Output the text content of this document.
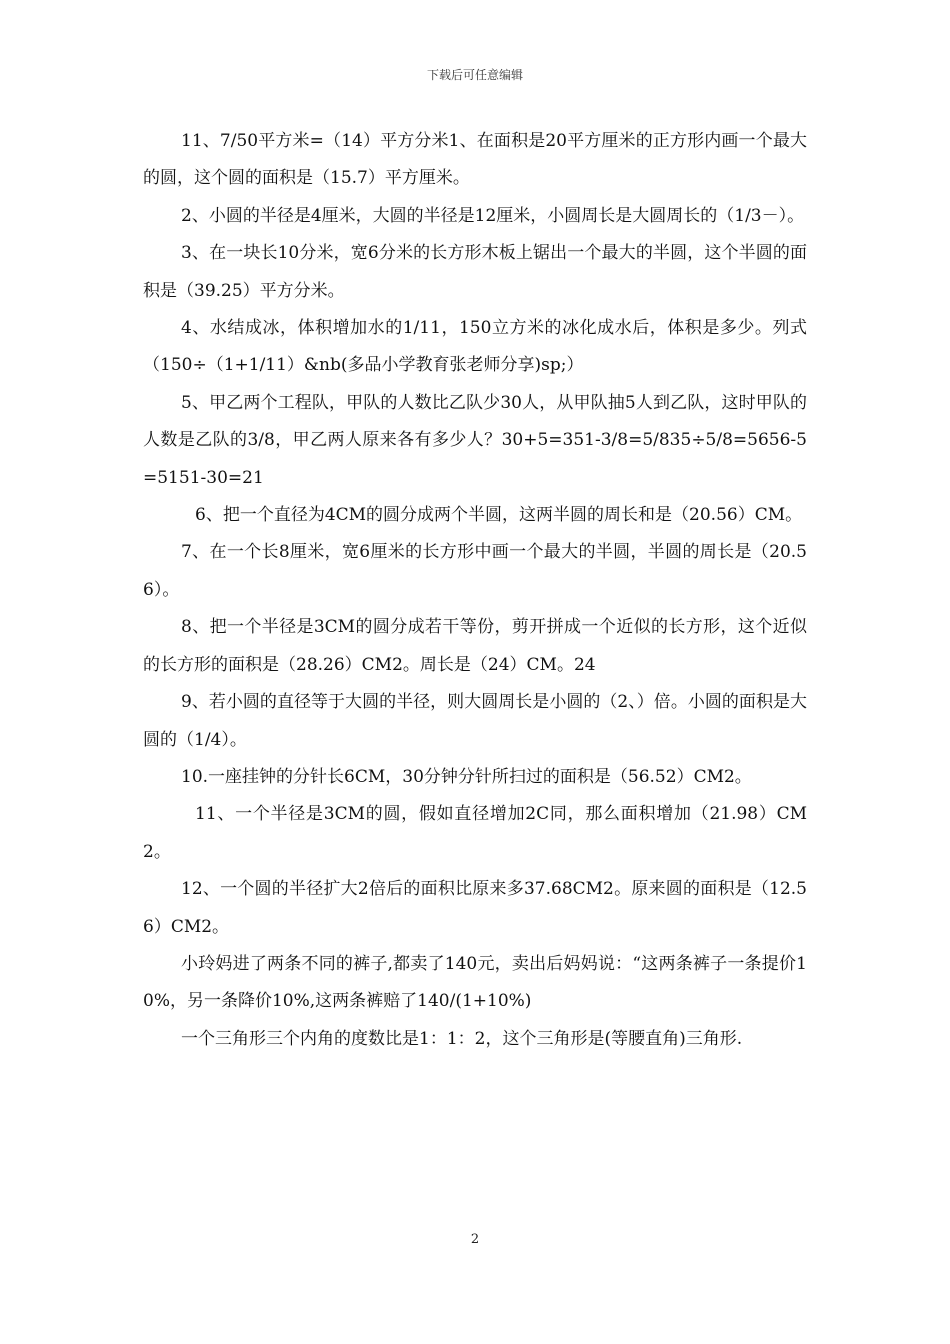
下载后可任意编辑

11、7/50平方米=（14）平方分米1、在面积是20平方厘米的正方形内画一个最大的圆，这个圆的面积是（15.7）平方厘米。

2、小圆的半径是4厘米，大圆的半径是12厘米，小圆周长是大圆周长的（1/3－）。

3、在一块长10分米，宽6分米的长方形木板上锯出一个最大的半圆，这个半圆的面积是（39.25）平方分米。

4、水结成冰，体积增加水的1/11，150立方米的冰化成水后，体积是多少。列式（150÷（1+1/11）&nb(多品小学教育张老师分享)sp;）

5、甲乙两个工程队，甲队的人数比乙队少30人，从甲队抽5人到乙队，这时甲队的人数是乙队的3/8，甲乙两人原来各有多少人？30+5=351-3/8=5/835÷5/8=5656-5=5151-30=21

6、把一个直径为4CM的圆分成两个半圆，这两半圆的周长和是（20.56）CM。

7、在一个长8厘米，宽6厘米的长方形中画一个最大的半圆，半圆的周长是（20.56）。

8、把一个半径是3CM的圆分成若干等份，剪开拼成一个近似的长方形，这个近似的长方形的面积是（28.26）CM2。周长是（24）CM。24

9、若小圆的直径等于大圆的半径，则大圆周长是小圆的（2、）倍。小圆的面积是大圆的（1/4）。

10.一座挂钟的分针长6CM，30分钟分针所扫过的面积是（56.52）CM2。

11、一个半径是3CM的圆，假如直径增加2C同，那么面积增加（21.98）CM2。

12、一个圆的半径扩大2倍后的面积比原来多37.68CM2。原来圆的面积是（12.56）CM2。

小玲妈进了两条不同的裤子,都卖了140元，卖出后妈妈说：“这两条裤子一条提价10%，另一条降价10%,这两条裤赔了140/(1+10%)

一个三角形三个内角的度数比是1：1：2，这个三角形是(等腰直角)三角形.

2
